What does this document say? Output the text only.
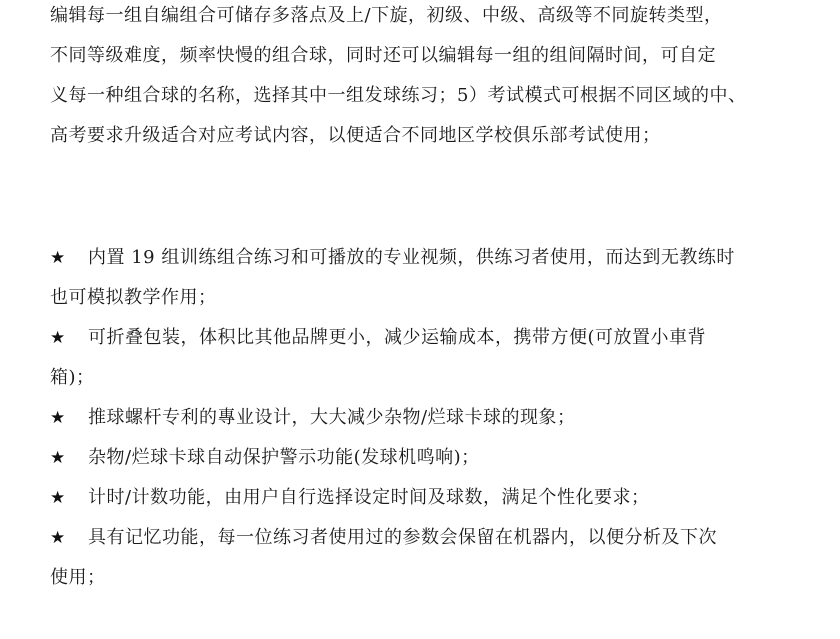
编辑每一组自编组合可储存多落点及上/下旋，初级、中级、高级等不同旋转类型，
不同等级难度，频率快慢的组合球，同时还可以编辑每一组的组间隔时间，可自定
义每一种组合球的名称，选择其中一组发球练习；5）考试模式可根据不同区域的中、
高考要求升级适合对应考试内容，以便适合不同地区学校俱乐部考试使用；
★	内置 19 组训练组合练习和可播放的专业视频，供练习者使用，而达到无教练时
也可模拟教学作用；
★	可折叠包装，体积比其他品牌更小，减少运输成本，携带方便(可放置小車背
箱)；
★	推球螺杆专利的專业设计，大大减少杂物/烂球卡球的现象；
★	杂物/烂球卡球自动保护警示功能(发球机鸣响)；
★	计时/计数功能，由用户自行选择设定时间及球数，满足个性化要求；
★	具有记忆功能，每一位练习者使用过的参数会保留在机器内，以便分析及下次
使用；
